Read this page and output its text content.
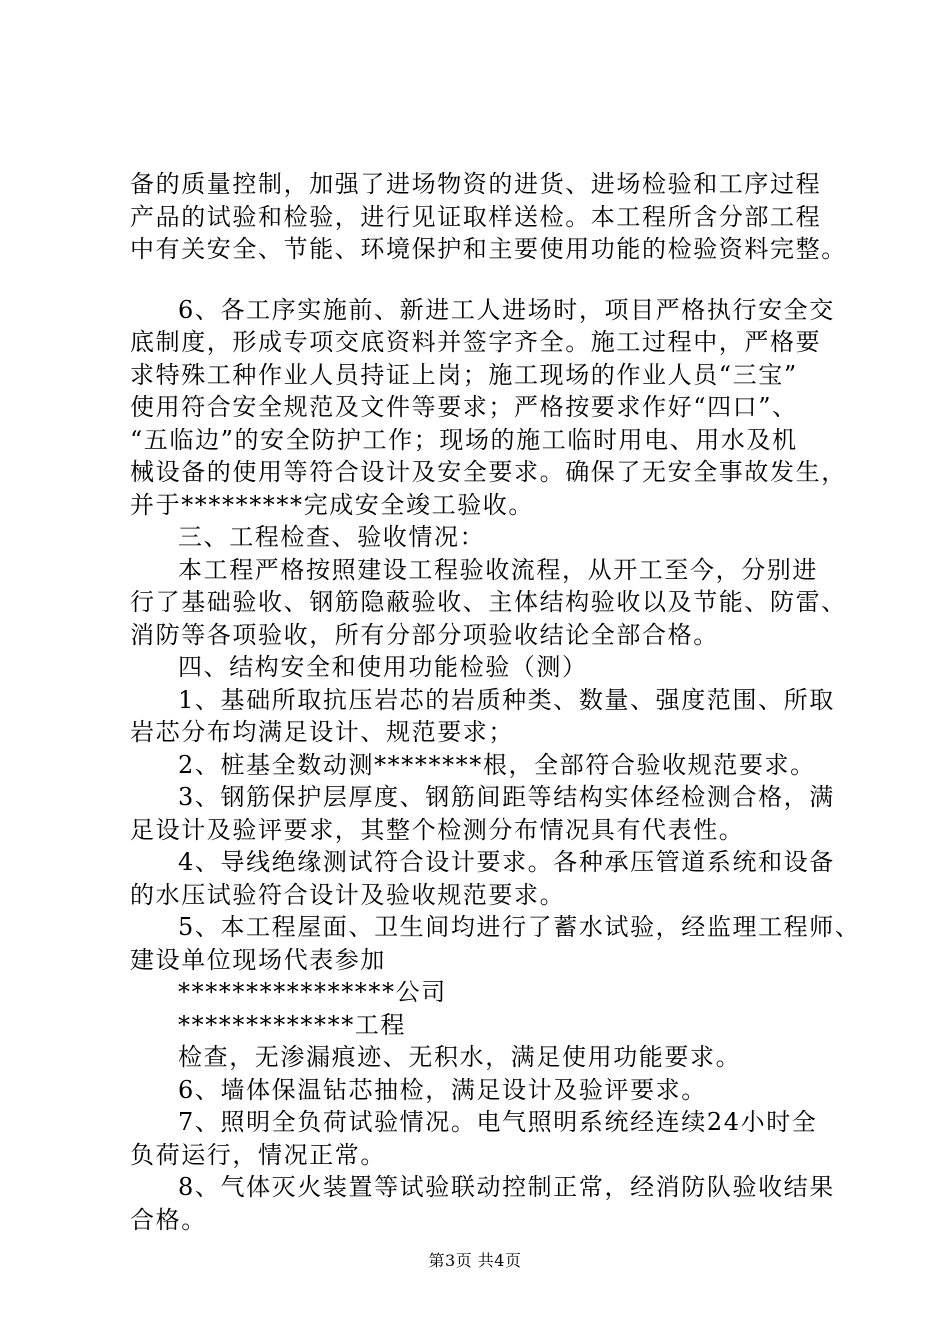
备的质量控制，加强了进场物资的进货、进场检验和工序过程
产品的试验和检验，进行见证取样送检。本工程所含分部工程
中有关安全、节能、环境保护和主要使用功能的检验资料完整。
6、各工序实施前、新进工人进场时，项目严格执行安全交
底制度，形成专项交底资料并签字齐全。施工过程中，严格要
求特殊工种作业人员持证上岗；施工现场的作业人员“三宝”
使用符合安全规范及文件等要求；严格按要求作好“四口”、
“五临边”的安全防护工作；现场的施工临时用电、用水及机
械设备的使用等符合设计及安全要求。确保了无安全事故发生，
并于*********完成安全竣工验收。
三、工程检查、验收情况：
本工程严格按照建设工程验收流程，从开工至今，分别进
行了基础验收、钢筋隐蔽验收、主体结构验收以及节能、防雷、
消防等各项验收，所有分部分项验收结论全部合格。
四、结构安全和使用功能检验（测）
1、基础所取抗压岩芯的岩质种类、数量、强度范围、所取
岩芯分布均满足设计、规范要求；
2、桩基全数动测********根，全部符合验收规范要求。
3、钢筋保护层厚度、钢筋间距等结构实体经检测合格，满
足设计及验评要求，其整个检测分布情况具有代表性。
4、导线绝缘测试符合设计要求。各种承压管道系统和设备
的水压试验符合设计及验收规范要求。
5、本工程屋面、卫生间均进行了蓄水试验，经监理工程师、
建设单位现场代表参加
****************公司
*************工程
检查，无渗漏痕迹、无积水，满足使用功能要求。
6、墙体保温钻芯抽检，满足设计及验评要求。
7、照明全负荷试验情况。电气照明系统经连续24小时全
负荷运行，情况正常。
8、气体灭火装置等试验联动控制正常，经消防队验收结果
合格。
第3页 共4页
